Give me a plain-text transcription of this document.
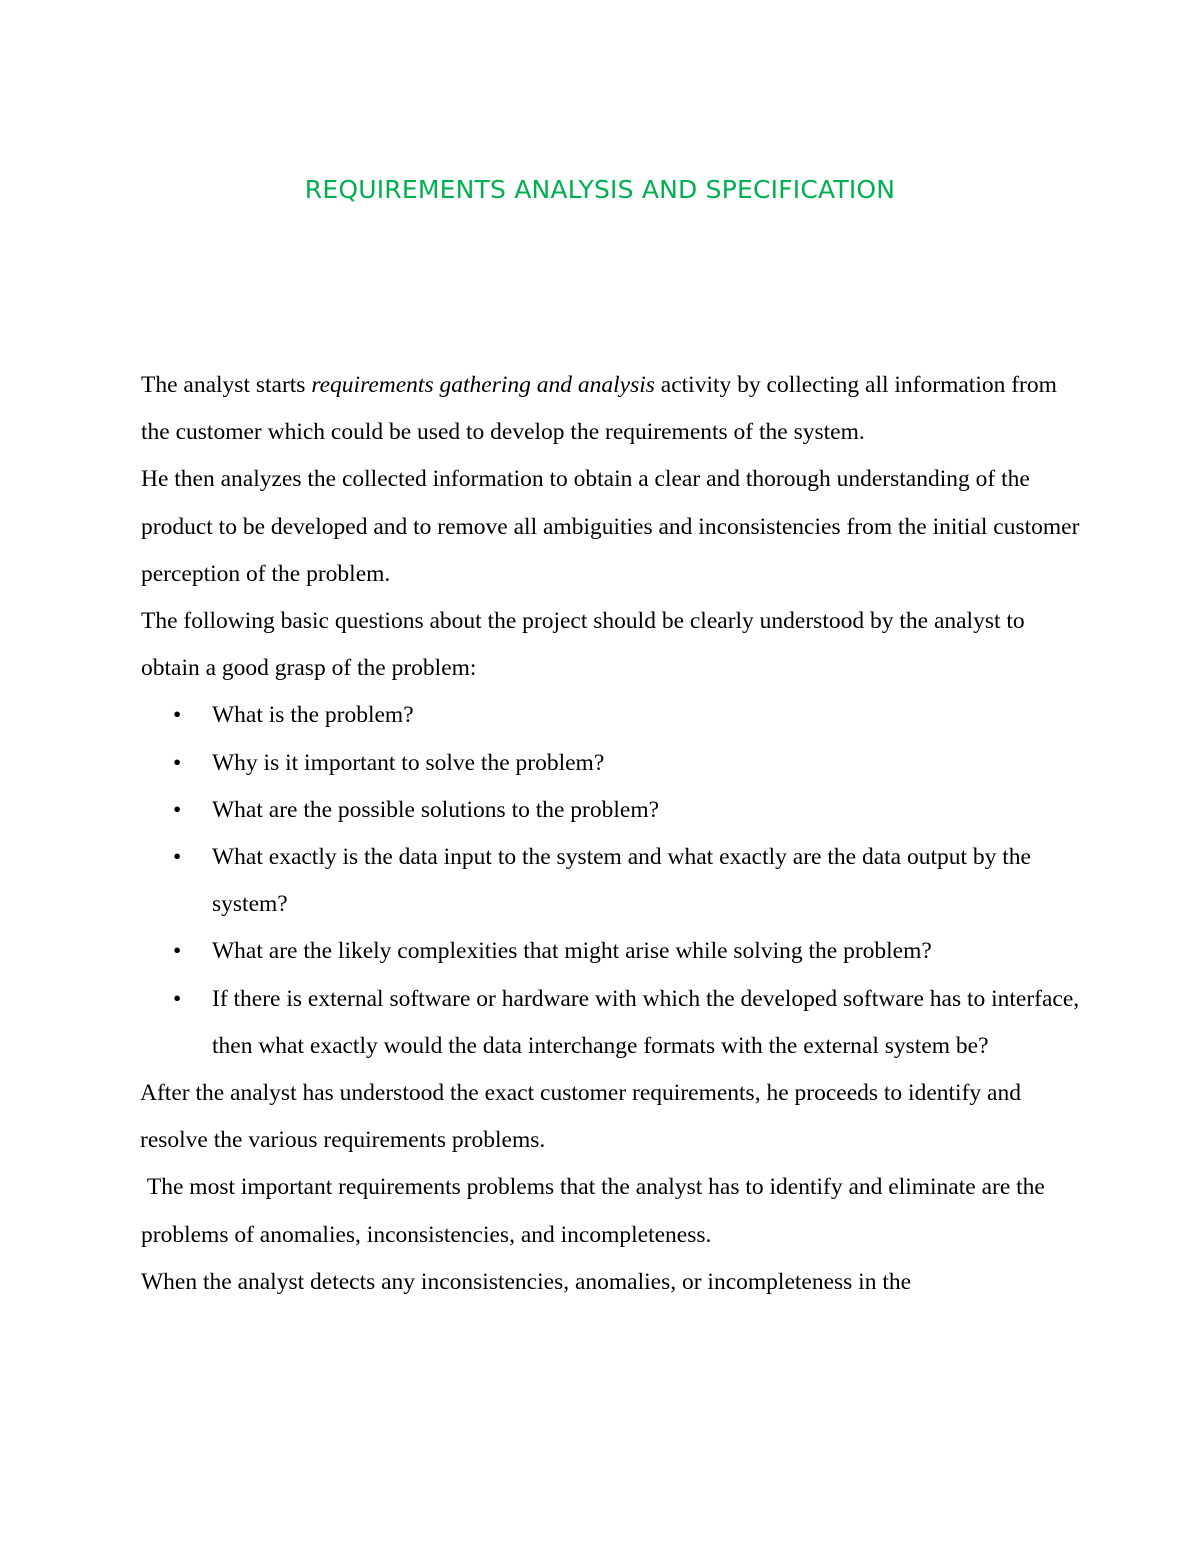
REQUIREMENTS ANALYSIS AND SPECIFICATION

The analyst starts requirements gathering and analysis activity by collecting all information from the customer which could be used to develop the requirements of the system.

He then analyzes the collected information to obtain a clear and thorough understanding of the product to be developed and to remove all ambiguities and inconsistencies from the initial customer perception of the problem.

The following basic questions about the project should be clearly understood by the analyst to obtain a good grasp of the problem:

• What is the problem?
• Why is it important to solve the problem?
• What are the possible solutions to the problem?
• What exactly is the data input to the system and what exactly are the data output by the system?
• What are the likely complexities that might arise while solving the problem?
• If there is external software or hardware with which the developed software has to interface, then what exactly would the data interchange formats with the external system be?

After the analyst has understood the exact customer requirements, he proceeds to identify and resolve the various requirements problems.

The most important requirements problems that the analyst has to identify and eliminate are the problems of anomalies, inconsistencies, and incompleteness.

When the analyst detects any inconsistencies, anomalies, or incompleteness in the
